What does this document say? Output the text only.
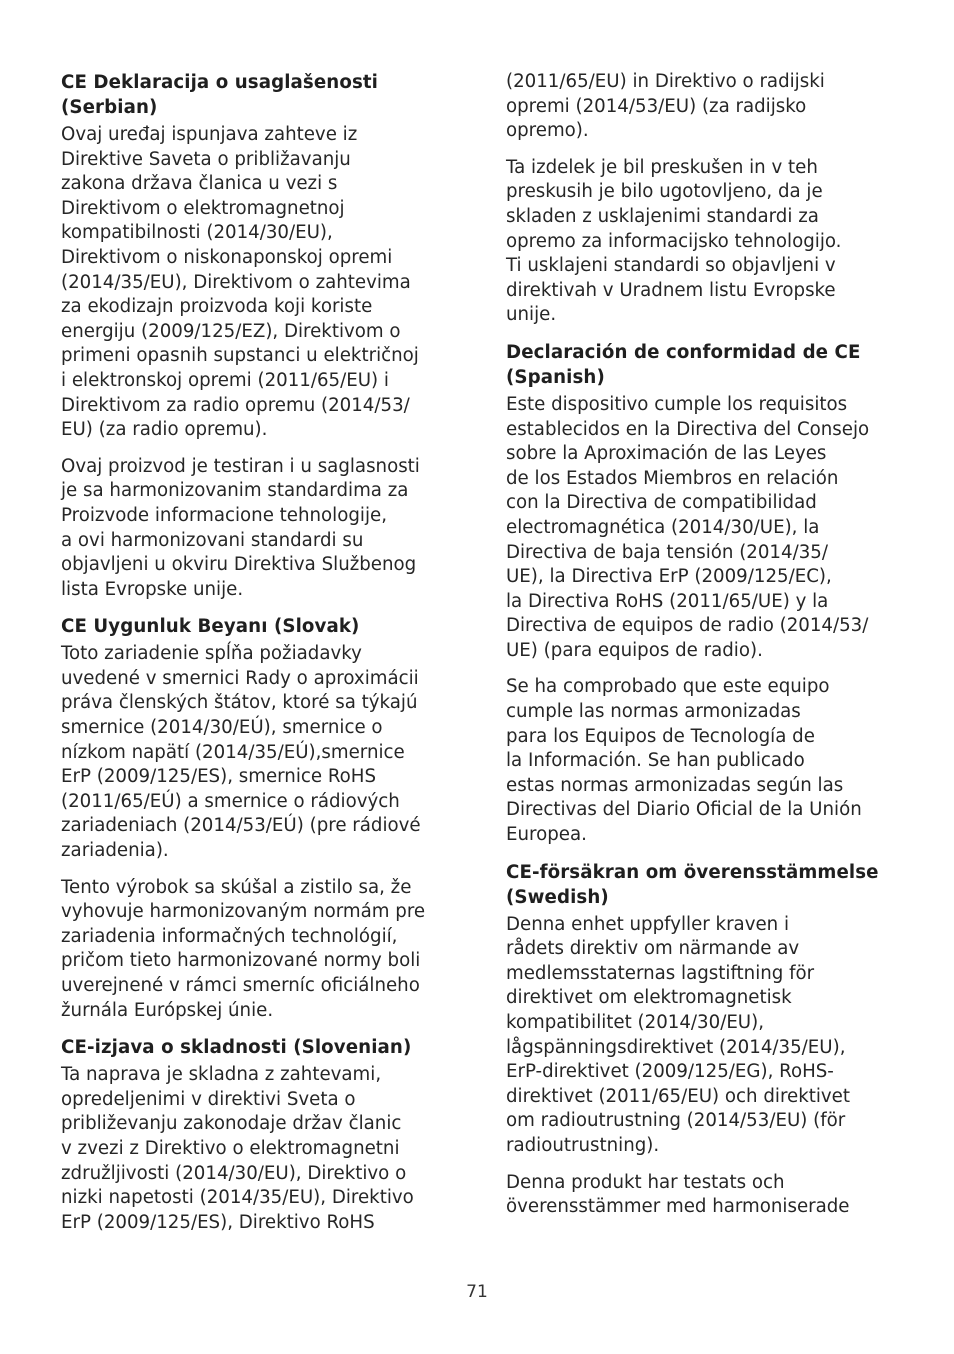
CE Deklaracija o usaglašenosti (Serbian)

Ovaj uređaj ispunjava zahteve iz
Direktive Saveta o približavanju
zakona država članica u vezi s
Direktivom o elektromagnetnoj
kompatibilnosti (2014/30/EU),
Direktivom o niskonaponskoj opremi
(2014/35/EU), Direktivom o zahtevima
za ekodizajn proizvoda koji koriste
energiju (2009/125/EZ), Direktivom o
primeni opasnih supstanci u električnoj
i elektronskoj opremi (2011/65/EU) i
Direktivom za radio opremu (2014/53/
EU) (za radio opremu).

Ovaj proizvod je testiran i u saglasnosti
je sa harmonizovanim standardima za
Proizvode informacione tehnologije,
a ovi harmonizovani standardi su
objavljeni u okviru Direktiva Službenog
lista Evropske unije.

CE Uygunluk Beyanı (Slovak)

Toto zariadenie spĺňa požiadavky
uvedené v smernici Rady o aproximácii
práva členských štátov, ktoré sa týkajú
smernice (2014/30/EÚ), smernice o
nízkom napätí (2014/35/EÚ),smernice
ErP (2009/125/ES), smernice RoHS
(2011/65/EÚ) a smernice o rádiových
zariadeniach (2014/53/EÚ) (pre rádiové
zariadenia).

Tento výrobok sa skúšal a zistilo sa, že
vyhovuje harmonizovaným normám pre
zariadenia informačných technológií,
pričom tieto harmonizované normy boli
uverejnené v rámci smerníc oficiálneho
žurnála Európskej únie.

CE-izjava o skladnosti (Slovenian)

Ta naprava je skladna z zahtevami,
opredeljenimi v direktivi Sveta o
približevanju zakonodaje držav članic
v zvezi z Direktivo o elektromagnetni
združljivosti (2014/30/EU), Direktivo o
nizki napetosti (2014/35/EU), Direktivo
ErP (2009/125/ES), Direktivo RoHS

(2011/65/EU) in Direktivo o radijski
opremi (2014/53/EU) (za radijsko
opremo).

Ta izdelek je bil preskušen in v teh
preskusih je bilo ugotovljeno, da je
skladen z usklajenimi standardi za
opremo za informacijsko tehnologijo.
Ti usklajeni standardi so objavljeni v
direktivah v Uradnem listu Evropske
unije.

Declaración de conformidad de CE
(Spanish)

Este dispositivo cumple los requisitos
establecidos en la Directiva del Consejo
sobre la Aproximación de las Leyes
de los Estados Miembros en relación
con la Directiva de compatibilidad
electromagnética (2014/30/UE), la
Directiva de baja tensión (2014/35/
UE), la Directiva ErP (2009/125/EC),
la Directiva RoHS (2011/65/UE) y la
Directiva de equipos de radio (2014/53/
UE) (para equipos de radio).

Se ha comprobado que este equipo
cumple las normas armonizadas
para los Equipos de Tecnología de
la Información. Se han publicado
estas normas armonizadas según las
Directivas del Diario Oficial de la Unión
Europea.

CE-försäkran om överensstämmelse
(Swedish)

Denna enhet uppfyller kraven i
rådets direktiv om närmande av
medlemsstaternas lagstiftning för
direktivet om elektromagnetisk
kompatibilitet (2014/30/EU),
lågspänningsdirektivet (2014/35/EU),
ErP-direktivet (2009/125/EG), RoHS-
direktivet (2011/65/EU) och direktivet
om radioutrustning (2014/53/EU) (för
radioutrustning).

Denna produkt har testats och
överensstämmer med harmoniserade

71
